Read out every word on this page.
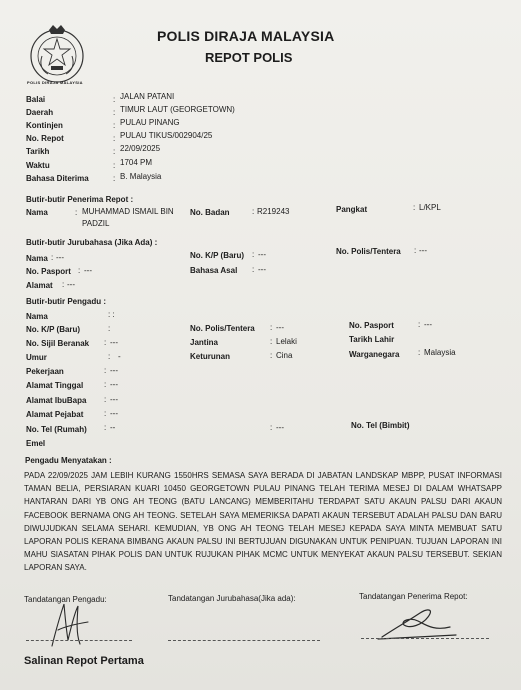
POLIS DIRAJA MALAYSIA
POLIS DIRAJA MALAYSIA
REPOT POLIS
Balai	: JALAN PATANI
Daerah	: TIMUR LAUT (GEORGETOWN)
Kontinjen	: PULAU PINANG
No. Repot	: PULAU TIKUS/002904/25
Tarikh	: 22/09/2025
Waktu	: 1704 PM
Bahasa Diterima	: B. Malaysia
Butir-butir Penerima Repot :
Nama	: MUHAMMAD ISMAIL BIN
PADZIL
No. Badan	: R219243	Pangkat	: L/KPL
Butir-butir Jurubahasa (Jika Ada) :
Nama : ---	No. K/P (Baru) : ---	No. Polis/Tentera : ---
No. Pasport : ---	Bahasa Asal : ---
Alamat : ---
Butir-butir Pengadu :
Nama	: :
No. K/P (Baru)	:	No. Polis/Tentera : ---	No. Pasport	: ---
No. Sijil Beranak : ---	Jantina	: Lelaki	Tarikh Lahir
Umur	: -	Keturunan	: Cina	Warganegara : Malaysia
Pekerjaan	: ---
Alamat Tinggal	: ---
Alamat IbuBapa : ---
Alamat Pejabat	: ---
No. Tel (Rumah) : --	: ---	No. Tel (Bimbit)
Emel
Pengadu Menyatakan :
PADA 22/09/2025 JAM LEBIH KURANG 1550HRS SEMASA SAYA BERADA DI JABATAN LANDSKAP MBPP, PUSAT INFORMASI TAMAN BELIA, PERSIARAN KUARI 10450 GEORGETOWN PULAU PINANG TELAH TERIMA MESEJ DI DALAM WHATSAPP HANTARAN DARI YB ONG AH TEONG (BATU LANCANG) MEMBERITAHU TERDAPAT SATU AKAUN PALSU DARI AKAUN FACEBOOK BERNAMA ONG AH TEONG. SETELAH SAYA MEMERIKSA DAPATI AKAUN TERSEBUT ADALAH PALSU DAN BARU DIWUJUDKAN SELAMA SEHARI. KEMUDIAN, YB ONG AH TEONG TELAH MESEJ KEPADA SAYA MINTA MEMBUAT SATU LAPORAN POLIS KERANA BIMBANG AKAUN PALSU INI BERTUJUAN DIGUNAKAN UNTUK PENIPUAN. TUJUAN LAPORAN INI MAHU SIASATAN PIHAK POLIS DAN UNTUK RUJUKAN PIHAK MCMC UNTUK MENYEKAT AKAUN PALSU TERSEBUT. SEKIAN LAPORAN SAYA.
Tandatangan Pengadu:	Tandatangan Jurubahasa(Jika ada):	Tandatangan Penerima Repot:
Salinan Repot Pertama
